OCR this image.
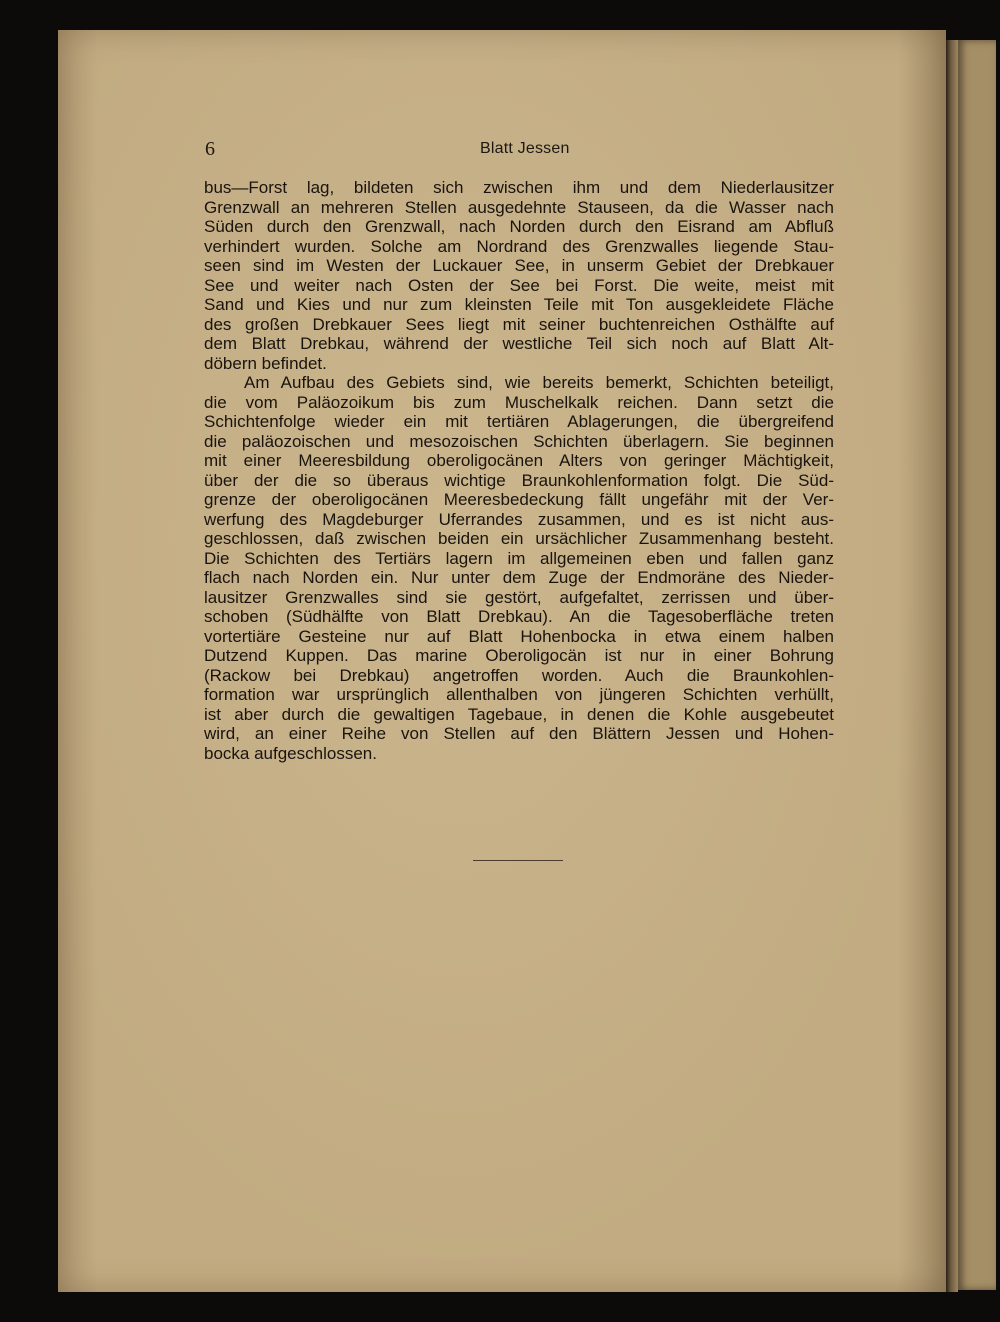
6	Blatt Jessen
bus—Forst lag, bildeten sich zwischen ihm und dem Niederlausitzer
Grenzwall an mehreren Stellen ausgedehnte Stauseen, da die Wasser nach
Süden durch den Grenzwall, nach Norden durch den Eisrand am Abfluß
verhindert wurden. Solche am Nordrand des Grenzwalles liegende Stau-
seen sind im Westen der Luckauer See, in unserm Gebiet der Drebkauer
See und weiter nach Osten der See bei Forst. Die weite, meist mit
Sand und Kies und nur zum kleinsten Teile mit Ton ausgekleidete Fläche
des großen Drebkauer Sees liegt mit seiner buchtenreichen Osthälfte auf
dem Blatt Drebkau, während der westliche Teil sich noch auf Blatt Alt-
döbern befindet.
Am Aufbau des Gebiets sind, wie bereits bemerkt, Schichten beteiligt,
die vom Paläozoikum bis zum Muschelkalk reichen. Dann setzt die
Schichtenfolge wieder ein mit tertiären Ablagerungen, die übergreifend
die paläozoischen und mesozoischen Schichten überlagern. Sie beginnen
mit einer Meeresbildung oberoligocänen Alters von geringer Mächtigkeit,
über der die so überaus wichtige Braunkohlenformation folgt. Die Süd-
grenze der oberoligocänen Meeresbedeckung fällt ungefähr mit der Ver-
werfung des Magdeburger Uferrandes zusammen, und es ist nicht aus-
geschlossen, daß zwischen beiden ein ursächlicher Zusammenhang besteht.
Die Schichten des Tertiärs lagern im allgemeinen eben und fallen ganz
flach nach Norden ein. Nur unter dem Zuge der Endmoräne des Nieder-
lausitzer Grenzwalles sind sie gestört, aufgefaltet, zerrissen und über-
schoben (Südhälfte von Blatt Drebkau). An die Tagesoberfläche treten
vortertiäre Gesteine nur auf Blatt Hohenbocka in etwa einem halben
Dutzend Kuppen. Das marine Oberoligocän ist nur in einer Bohrung
(Rackow bei Drebkau) angetroffen worden. Auch die Braunkohlen-
formation war ursprünglich allenthalben von jüngeren Schichten verhüllt,
ist aber durch die gewaltigen Tagebaue, in denen die Kohle ausgebeutet
wird, an einer Reihe von Stellen auf den Blättern Jessen und Hohen-
bocka aufgeschlossen.
